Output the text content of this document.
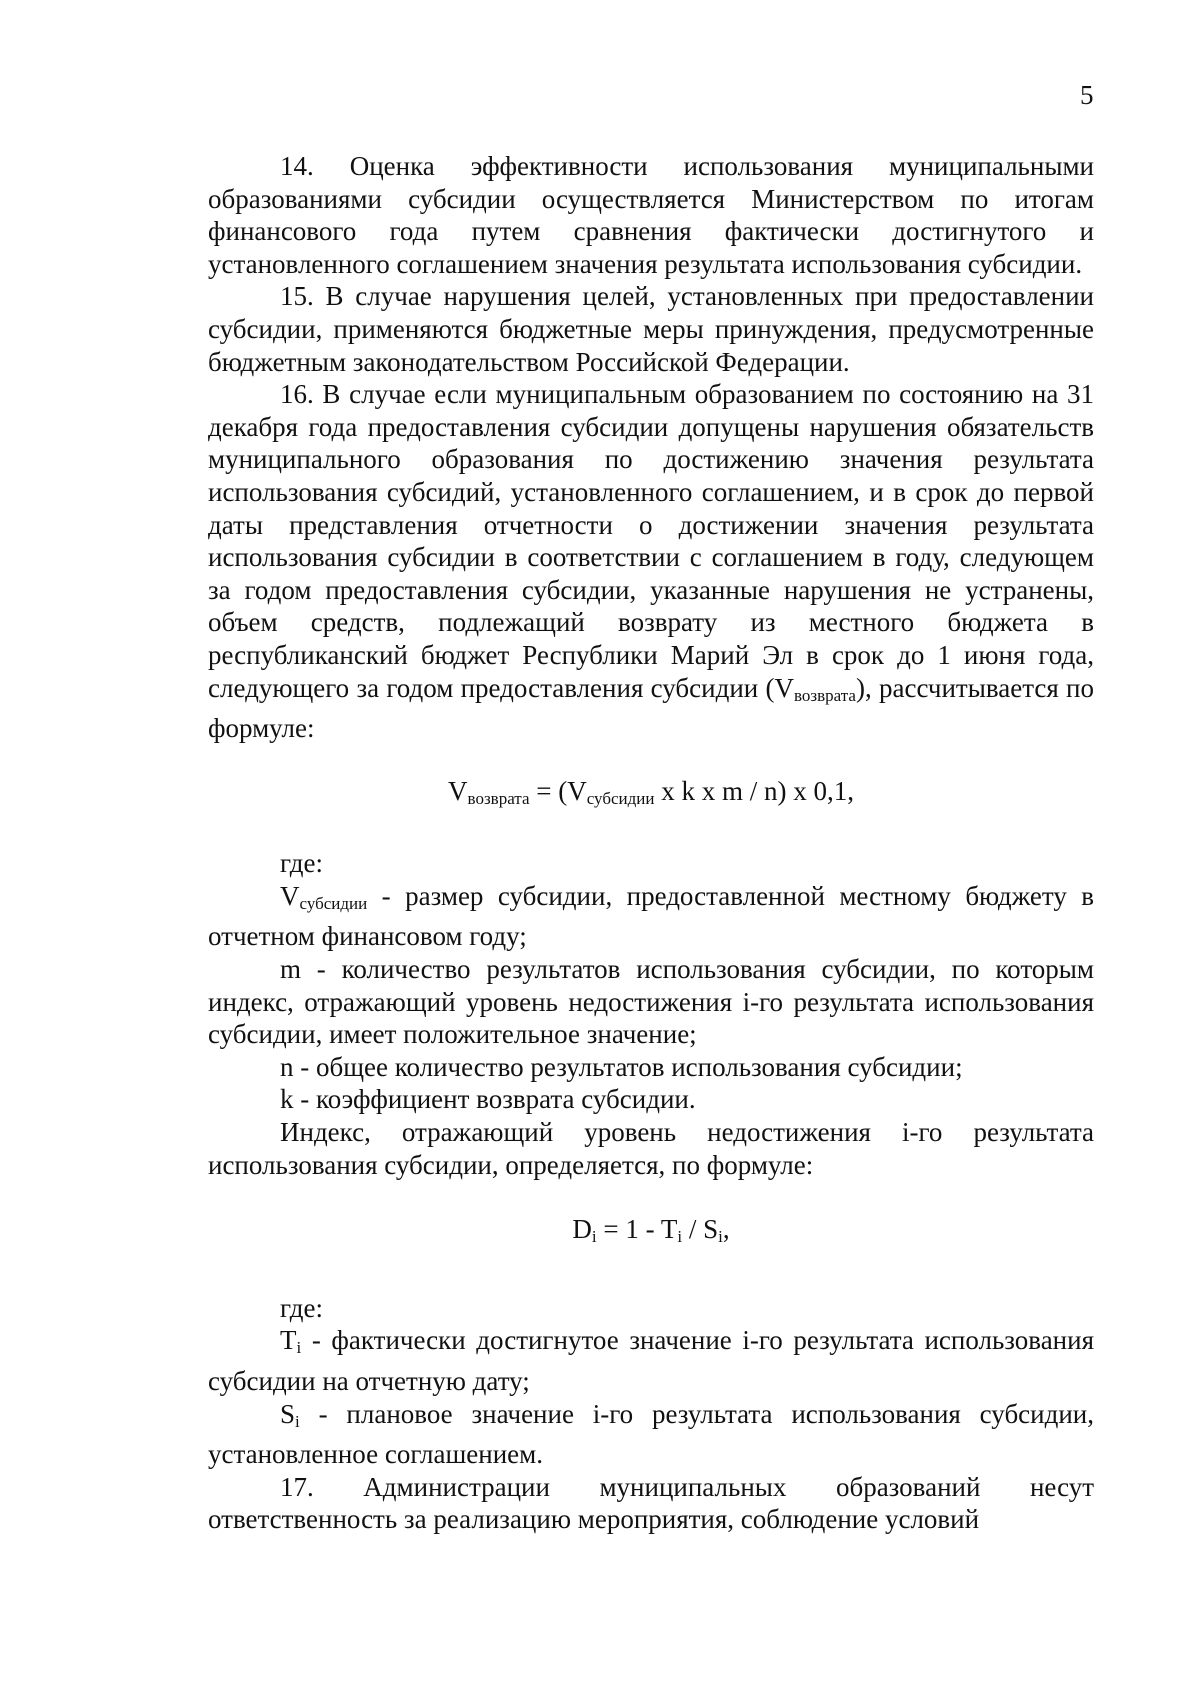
5

14. Оценка эффективности использования муниципальными образованиями субсидии осуществляется Министерством по итогам финансового года путем сравнения фактически достигнутого и установленного соглашением значения результата использования субсидии.

15. В случае нарушения целей, установленных при предоставлении субсидии, применяются бюджетные меры принуждения, предусмотренные бюджетным законодательством Российской Федерации.

16. В случае если муниципальным образованием по состоянию на 31 декабря года предоставления субсидии допущены нарушения обязательств муниципального образования по достижению значения результата использования субсидий, установленного соглашением, и в срок до первой даты представления отчетности о достижении значения результата использования субсидии в соответствии с соглашением в году, следующем за годом предоставления субсидии, указанные нарушения не устранены, объем средств, подлежащий возврату из местного бюджета в республиканский бюджет Республики Марий Эл в срок до 1 июня года, следующего за годом предоставления субсидии $(V_{возврата})$, рассчитывается по формуле:

$V_{возврата} = (V_{субсидии}$ x k x m / n) x 0,1,

где:

$V_{субсидии}$ - размер субсидии, предоставленной местному бюджету в отчетном финансовом году;

m - количество результатов использования субсидии, по которым индекс, отражающий уровень недостижения i-го результата использования субсидии, имеет положительное значение;

n - общее количество результатов использования субсидии;

k - коэффициент возврата субсидии.

Индекс, отражающий уровень недостижения i-го результата использования субсидии, определяется, по формуле:

$D_i = 1 - T_i / S_i$,

где:

$T_i$ - фактически достигнутое значение i-го результата использования субсидии на отчетную дату;

$S_i$ - плановое значение i-го результата использования субсидии, установленное соглашением.

17. Администрации муниципальных образований несут ответственность за реализацию мероприятия, соблюдение условий
